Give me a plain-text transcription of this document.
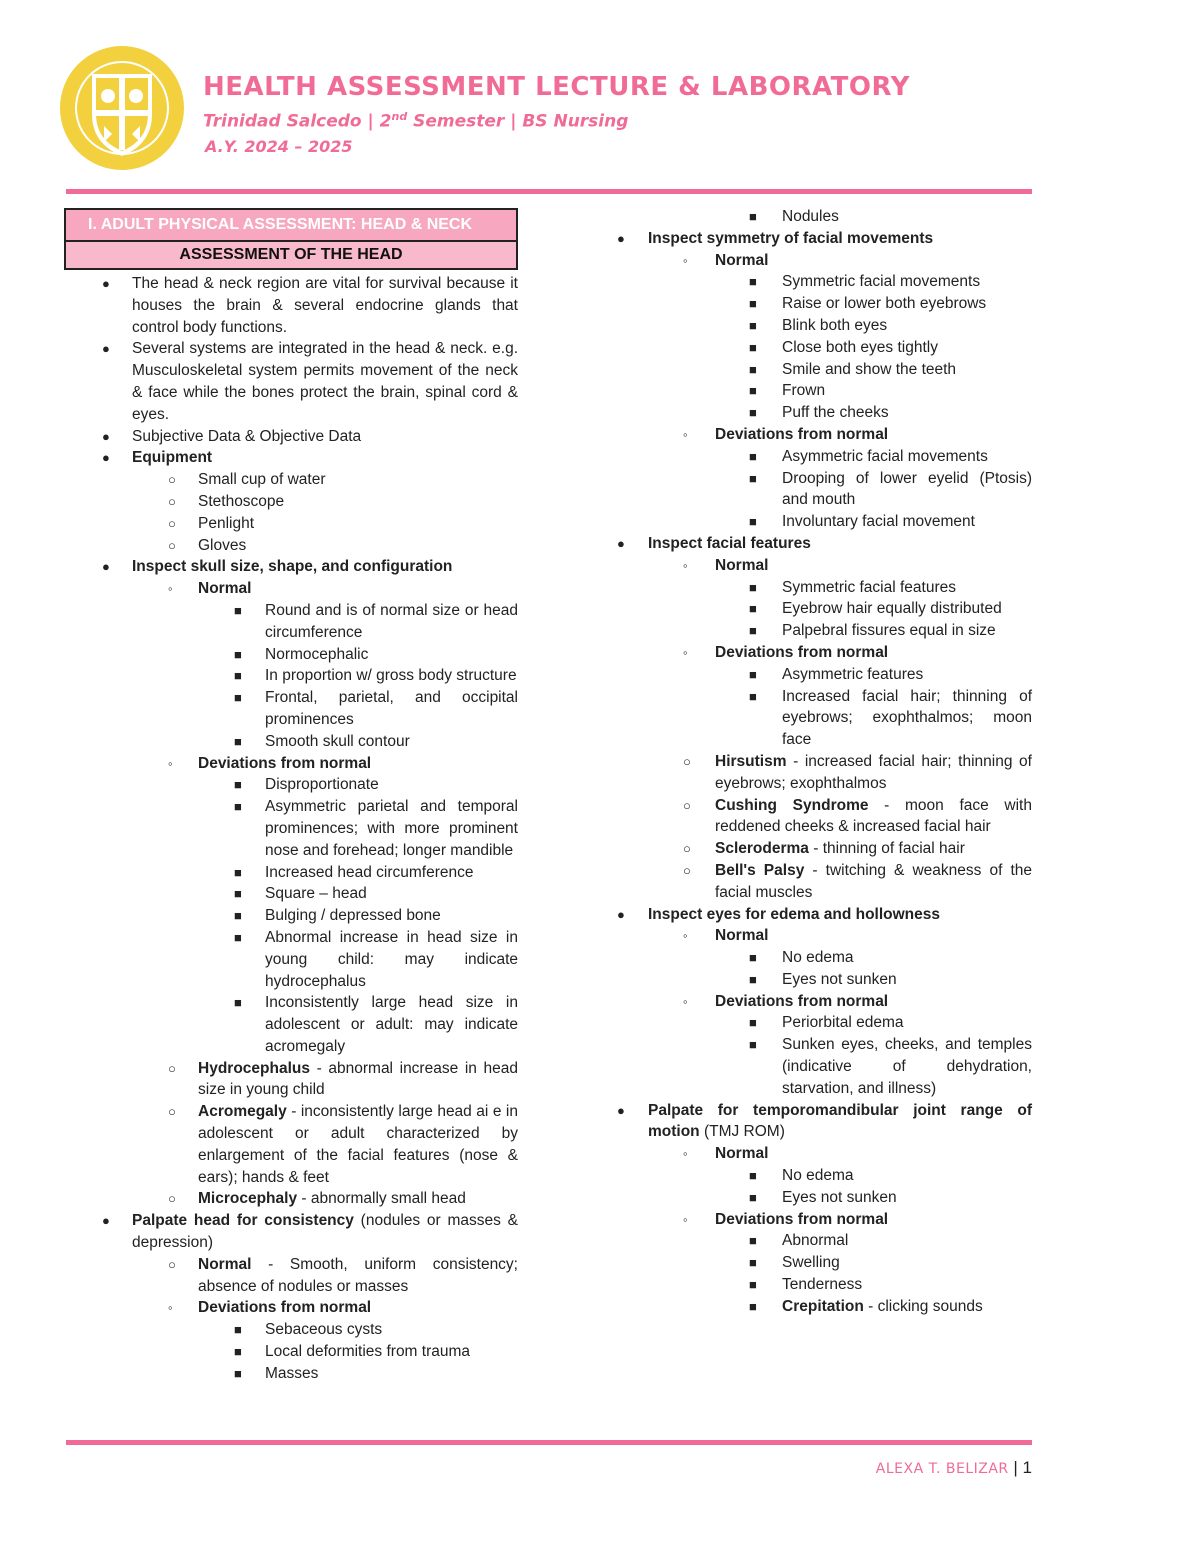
HEALTH ASSESSMENT LECTURE & LABORATORY
Trinidad Salcedo | 2nd Semester | BS Nursing
A.Y. 2024 – 2025
I. ADULT PHYSICAL ASSESSMENT: HEAD & NECK
ASSESSMENT OF THE HEAD
● The head & neck region are vital for survival because it houses the brain & several endocrine glands that control body functions.
● Several systems are integrated in the head & neck. e.g. Musculoskeletal system permits movement of the neck & face while the bones protect the brain, spinal cord & eyes.
● Subjective Data & Objective Data
● Equipment
○ Small cup of water
○ Stethoscope
○ Penlight
○ Gloves
● Inspect skull size, shape, and configuration
◦ Normal
■ Round and is of normal size or head circumference
■ Normocephalic
■ In proportion w/ gross body structure
■ Frontal, parietal, and occipital prominences
■ Smooth skull contour
◦ Deviations from normal
■ Disproportionate
■ Asymmetric parietal and temporal prominences; with more prominent nose and forehead; longer mandible
■ Increased head circumference
■ Square – head
■ Bulging / depressed bone
■ Abnormal increase in head size in young child: may indicate hydrocephalus
■ Inconsistently large head size in adolescent or adult: may indicate acromegaly
○ Hydrocephalus - abnormal increase in head size in young child
○ Acromegaly - inconsistently large head ai e in adolescent or adult characterized by enlargement of the facial features (nose & ears); hands & feet
○ Microcephaly - abnormally small head
● Palpate head for consistency (nodules or masses & depression)
○ Normal - Smooth, uniform consistency; absence of nodules or masses
◦ Deviations from normal
■ Sebaceous cysts
■ Local deformities from trauma
■ Masses
■ Nodules
● Inspect symmetry of facial movements
◦ Normal
■ Symmetric facial movements
■ Raise or lower both eyebrows
■ Blink both eyes
■ Close both eyes tightly
■ Smile and show the teeth
■ Frown
■ Puff the cheeks
◦ Deviations from normal
■ Asymmetric facial movements
■ Drooping of lower eyelid (Ptosis) and mouth
■ Involuntary facial movement
● Inspect facial features
◦ Normal
■ Symmetric facial features
■ Eyebrow hair equally distributed
■ Palpebral fissures equal in size
◦ Deviations from normal
■ Asymmetric features
■ Increased facial hair; thinning of eyebrows; exophthalmos; moon face
○ Hirsutism - increased facial hair; thinning of eyebrows; exophthalmos
○ Cushing Syndrome - moon face with reddened cheeks & increased facial hair
○ Scleroderma - thinning of facial hair
○ Bell's Palsy - twitching & weakness of the facial muscles
● Inspect eyes for edema and hollowness
◦ Normal
■ No edema
■ Eyes not sunken
◦ Deviations from normal
■ Periorbital edema
■ Sunken eyes, cheeks, and temples (indicative of dehydration, starvation, and illness)
● Palpate for temporomandibular joint range of motion (TMJ ROM)
◦ Normal
■ No edema
■ Eyes not sunken
◦ Deviations from normal
■ Abnormal
■ Swelling
■ Tenderness
■ Crepitation - clicking sounds
ALEXA T. BELIZAR | 1
